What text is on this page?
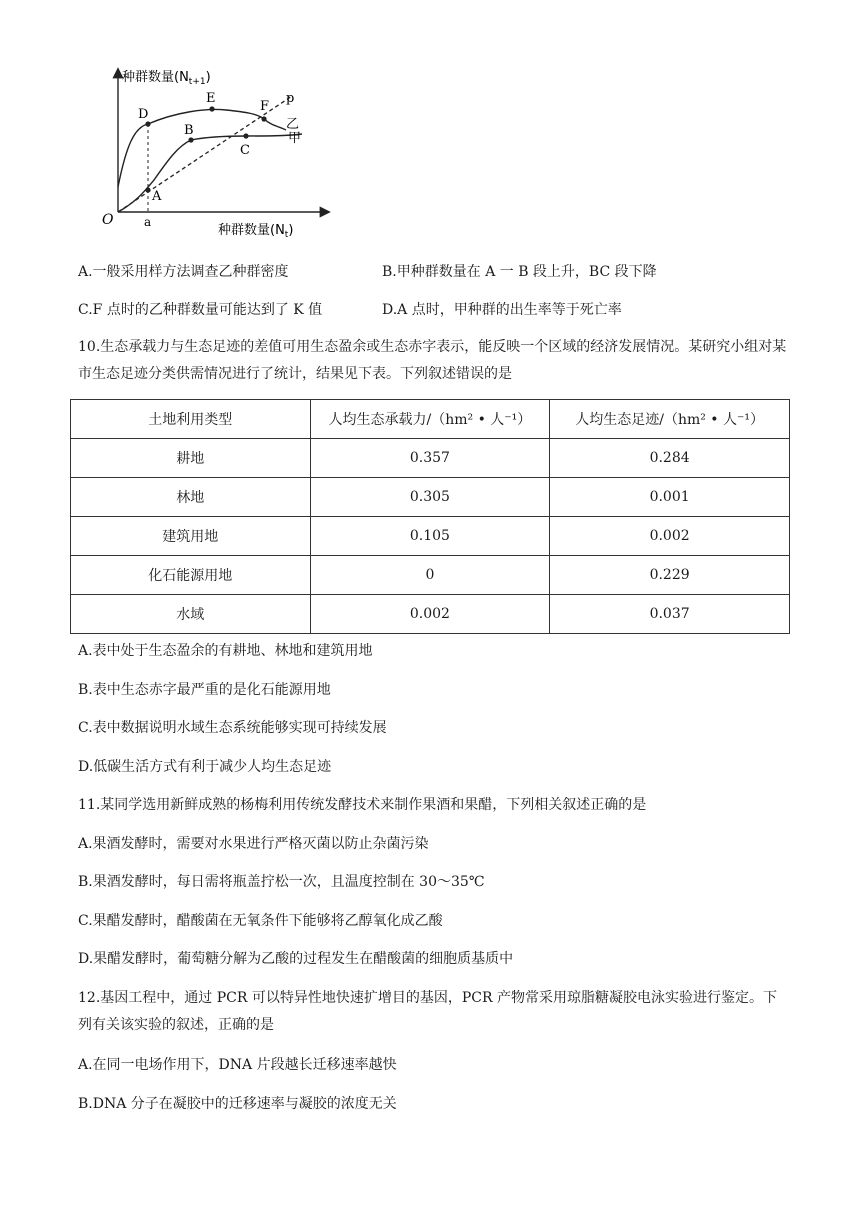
种群数量$(N_{t+1})$
种群数量$(N_t)$
O	a
A
B
C
D
E
F
p
乙
甲
A.一般采用样方法调查乙种群密度	B.甲种群数量在 A 一 B 段上升，BC 段下降
C.F 点时的乙种群数量可能达到了 K 值	D.A 点时，甲种群的出生率等于死亡率
10.生态承载力与生态足迹的差值可用生态盈余或生态赤字表示，能反映一个区域的经济发展情况。某研究小组对某市生态足迹分类供需情况进行了统计，结果见下表。下列叙述错误的是
土地利用类型	人均生态承载力/（hm² • 人⁻¹）	人均生态足迹/（hm² • 人⁻¹）
耕地	0.357	0.284
林地	0.305	0.001
建筑用地	0.105	0.002
化石能源用地	0	0.229
水域	0.002	0.037
A.表中处于生态盈余的有耕地、林地和建筑用地
B.表中生态赤字最严重的是化石能源用地
C.表中数据说明水域生态系统能够实现可持续发展
D.低碳生活方式有利于减少人均生态足迹
11.某同学选用新鲜成熟的杨梅利用传统发酵技术来制作果酒和果醋，下列相关叙述正确的是
A.果酒发酵时，需要对水果进行严格灭菌以防止杂菌污染
B.果酒发酵时，每日需将瓶盖拧松一次，且温度控制在 30～35℃
C.果醋发酵时，醋酸菌在无氧条件下能够将乙醇氧化成乙酸
D.果醋发酵时，葡萄糖分解为乙酸的过程发生在醋酸菌的细胞质基质中
12.基因工程中，通过 PCR 可以特异性地快速扩增目的基因，PCR 产物常采用琼脂糖凝胶电泳实验进行鉴定。下列有关该实验的叙述，正确的是
A.在同一电场作用下，DNA 片段越长迁移速率越快
B.DNA 分子在凝胶中的迁移速率与凝胶的浓度无关
